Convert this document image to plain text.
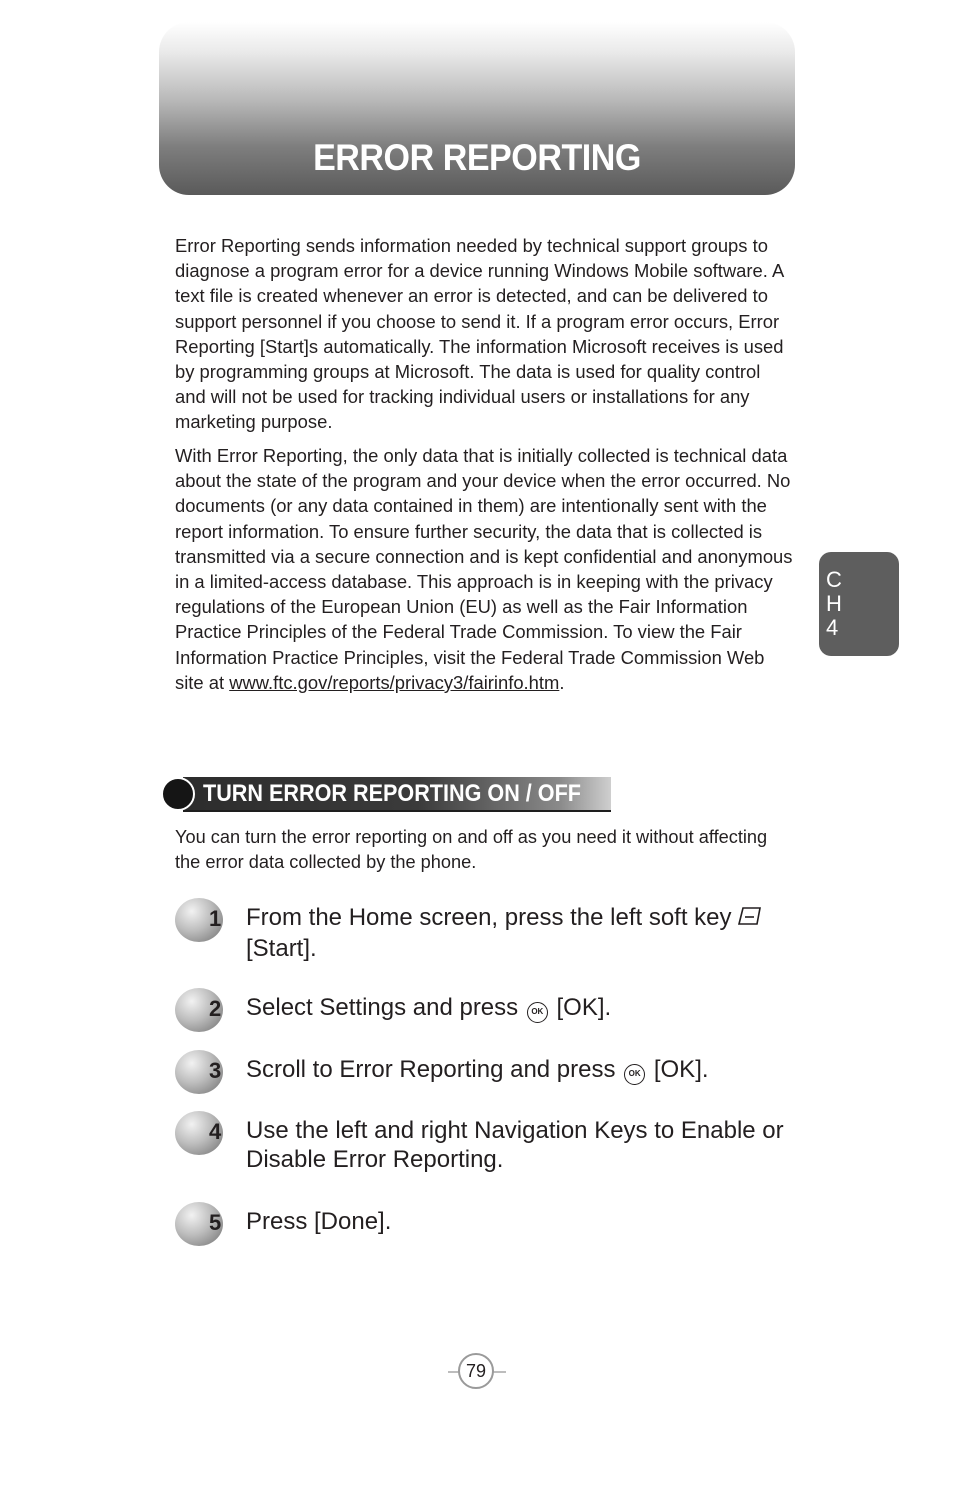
ERROR REPORTING
Error Reporting sends information needed by technical support groups to diagnose a program error for a device running Windows Mobile software. A text file is created whenever an error is detected, and can be delivered to support personnel if you choose to send it. If a program error occurs, Error Reporting [Start]s automatically. The information Microsoft receives is used by programming groups at Microsoft. The data is used for quality control and will not be used for tracking individual users or installations for any marketing purpose.
With Error Reporting, the only data that is initially collected is technical data about the state of the program and your device when the error occurred. No documents (or any data contained in them) are intentionally sent with the report information. To ensure further security, the data that is collected is transmitted via a secure connection and is kept confidential and anonymous in a limited-access database. This approach is in keeping with the privacy regulations of the European Union (EU) as well as the Fair Information Practice Principles of the Federal Trade Commission. To view the Fair Information Practice Principles, visit the Federal Trade Commission Web site at www.ftc.gov/reports/privacy3/fairinfo.htm.
C
H
4
TURN ERROR REPORTING ON / OFF
You can turn the error reporting on and off as you need it without affecting the error data collected by the phone.
1 From the Home screen, press the left soft key
[Start].
2 Select Settings and press OK [OK].
3 Scroll to Error Reporting and press OK [OK].
4 Use the left and right Navigation Keys to Enable or Disable Error Reporting.
5 Press [Done].
79
